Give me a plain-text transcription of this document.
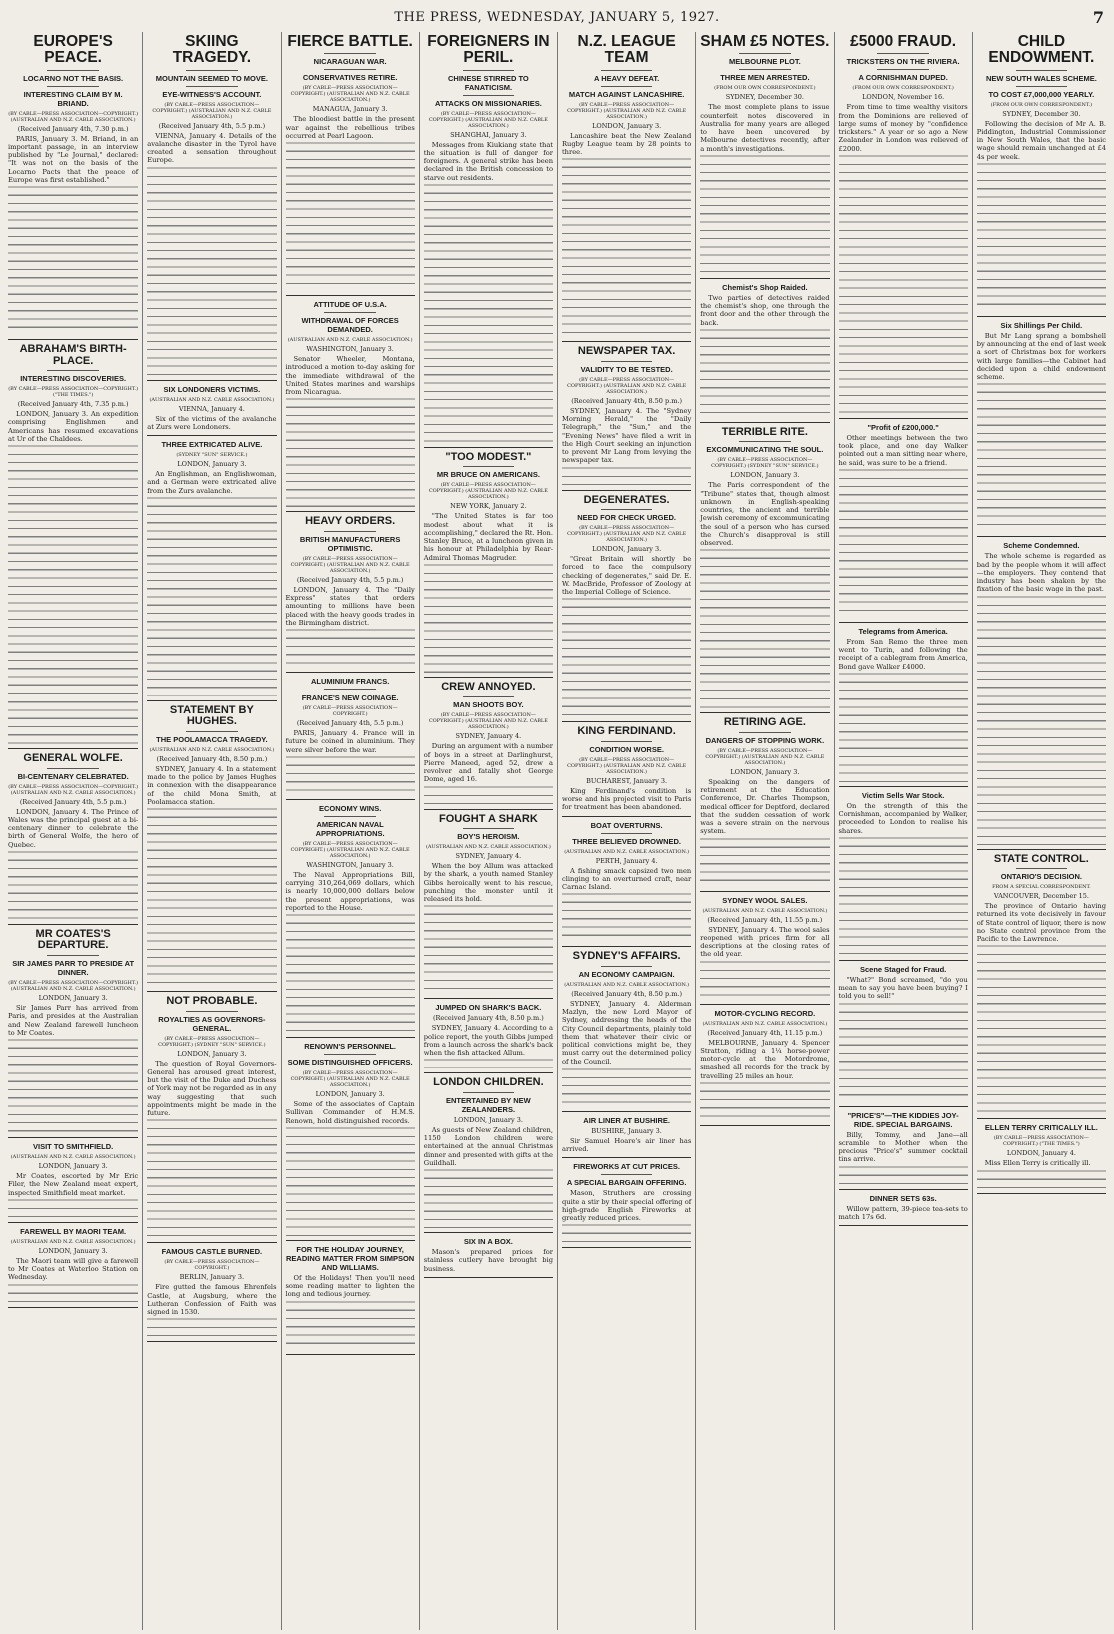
THE PRESS, WEDNESDAY, JANUARY 5, 1927.	7
EUROPE'S PEACE.
LOCARNO NOT THE BASIS.
INTERESTING CLAIM BY M. BRIAND.
(BY CABLE—PRESS ASSOCIATION—COPYRIGHT.) (AUSTRALIAN AND N.Z. CABLE ASSOCIATION.)
(Received January 4th, 7.30 p.m.)

PARIS, January 3. M. Briand, in an important passage, in an interview published by "Le Journal," declared: "It was not on the basis of the Locarno Pacts that the peace of Europe was first established."

ABRAHAM'S BIRTH-PLACE.
INTERESTING DISCOVERIES.
(BY CABLE—PRESS ASSOCIATION—COPYRIGHT.) ("THE TIMES.")
(Received January 4th, 7.35 p.m.)

LONDON, January 3. An expedition comprising Englishmen and Americans has resumed excavations at Ur of the Chaldees.

GENERAL WOLFE.
BI-CENTENARY CELEBRATED.
(BY CABLE—PRESS ASSOCIATION—COPYRIGHT.) (AUSTRALIAN AND N.Z. CABLE ASSOCIATION.)
(Received January 4th, 5.5 p.m.)

LONDON, January 4. The Prince of Wales was the principal guest at a bi-centenary dinner to celebrate the birth of General Wolfe, the hero of Quebec.

MR COATES'S DEPARTURE.
SIR JAMES PARR TO PRESIDE AT DINNER.
(BY CABLE—PRESS ASSOCIATION—COPYRIGHT.) (AUSTRALIAN AND N.Z. CABLE ASSOCIATION.)
LONDON, January 3.

Sir James Parr has arrived from Paris, and presides at the Australian and New Zealand farewell luncheon to Mr Coates.

VISIT TO SMITHFIELD.
(AUSTRALIAN AND N.Z. CABLE ASSOCIATION.)
LONDON, January 3.

Mr Coates, escorted by Mr Eric Filer, the New Zealand meat expert, inspected Smithfield meat market.

FAREWELL BY MAORI TEAM.
(AUSTRALIAN AND N.Z. CABLE ASSOCIATION.)
LONDON, January 3.

The Maori team will give a farewell to Mr Coates at Waterloo Station on Wednesday.

SKIING TRAGEDY.
MOUNTAIN SEEMED TO MOVE.
EYE-WITNESS'S ACCOUNT.
(BY CABLE—PRESS ASSOCIATION—COPYRIGHT.) (AUSTRALIAN AND N.Z. CABLE ASSOCIATION.)
(Received January 4th, 5.5 p.m.)

VIENNA, January 4. Details of the avalanche disaster in the Tyrol have created a sensation throughout Europe.

SIX LONDONERS VICTIMS.
(AUSTRALIAN AND N.Z. CABLE ASSOCIATION.)
VIENNA, January 4.

Six of the victims of the avalanche at Zurs were Londoners.

THREE EXTRICATED ALIVE.
(SYDNEY "SUN" SERVICE.)
LONDON, January 3.

An Englishman, an Englishwoman, and a German were extricated alive from the Zurs avalanche.

STATEMENT BY HUGHES.
THE POOLAMACCA TRAGEDY.
(AUSTRALIAN AND N.Z. CABLE ASSOCIATION.)
(Received January 4th, 8.50 p.m.)

SYDNEY, January 4. In a statement made to the police by James Hughes in connexion with the disappearance of the child Mona Smith, at Poolamacca station.

NOT PROBABLE.
ROYALTIES AS GOVERNORS-GENERAL.
(BY CABLE—PRESS ASSOCIATION—COPYRIGHT.) (SYDNEY "SUN" SERVICE.)
LONDON, January 3.

The question of Royal Governors-General has aroused great interest, but the visit of the Duke and Duchess of York may not be regarded as in any way suggesting that such appointments might be made in the future.

FAMOUS CASTLE BURNED.
(BY CABLE—PRESS ASSOCIATION—COPYRIGHT.)
BERLIN, January 3.

Fire gutted the famous Ehrenfels Castle, at Augsburg, where the Lutheran Confession of Faith was signed in 1530.

FIERCE BATTLE.
NICARAGUAN WAR.
CONSERVATIVES RETIRE.
(BY CABLE—PRESS ASSOCIATION—COPYRIGHT.) (AUSTRALIAN AND N.Z. CABLE ASSOCIATION.)
MANAGUA, January 3.

The bloodiest battle in the present war against the rebellious tribes occurred at Pearl Lagoon.

ATTITUDE OF U.S.A.
WITHDRAWAL OF FORCES DEMANDED.
(AUSTRALIAN AND N.Z. CABLE ASSOCIATION.)
WASHINGTON, January 3.

Senator Wheeler, Montana, introduced a motion to-day asking for the immediate withdrawal of the United States marines and warships from Nicaragua.

HEAVY ORDERS.
BRITISH MANUFACTURERS OPTIMISTIC.
(BY CABLE—PRESS ASSOCIATION—COPYRIGHT.) (AUSTRALIAN AND N.Z. CABLE ASSOCIATION.)
(Received January 4th, 5.5 p.m.)

LONDON, January 4. The "Daily Express" states that orders amounting to millions have been placed with the heavy goods trades in the Birmingham district.

ALUMINIUM FRANCS.
FRANCE'S NEW COINAGE.
(BY CABLE—PRESS ASSOCIATION—COPYRIGHT.)
(Received January 4th, 5.5 p.m.)

PARIS, January 4. France will in future be coined in aluminium. They were silver before the war.

ECONOMY WINS.
AMERICAN NAVAL APPROPRIATIONS.
(BY CABLE—PRESS ASSOCIATION—COPYRIGHT.) (AUSTRALIAN AND N.Z. CABLE ASSOCIATION.)
WASHINGTON, January 3.

The Naval Appropriations Bill, carrying 310,264,069 dollars, which is nearly 10,000,000 dollars below the present appropriations, was reported to the House.

RENOWN'S PERSONNEL.
SOME DISTINGUISHED OFFICERS.
(BY CABLE—PRESS ASSOCIATION—COPYRIGHT.) (AUSTRALIAN AND N.Z. CABLE ASSOCIATION.)
LONDON, January 3.

Some of the associates of Captain Sullivan Commander of H.M.S. Renown, hold distinguished records.

FOR THE HOLIDAY JOURNEY, READING MATTER FROM SIMPSON AND WILLIAMS.

Of the Holidays! Then you'll need some reading matter to lighten the long and tedious journey.

FOREIGNERS IN PERIL.
CHINESE STIRRED TO FANATICISM.
ATTACKS ON MISSIONARIES.
(BY CABLE—PRESS ASSOCIATION—COPYRIGHT.) (AUSTRALIAN AND N.Z. CABLE ASSOCIATION.)
SHANGHAI, January 3.

Messages from Kiukiang state that the situation is full of danger for foreigners. A general strike has been declared in the British concession to starve out residents.

"TOO MODEST."
MR BRUCE ON AMERICANS.
(BY CABLE—PRESS ASSOCIATION—COPYRIGHT.) (AUSTRALIAN AND N.Z. CABLE ASSOCIATION.)
NEW YORK, January 2.

"The United States is far too modest about what it is accomplishing," declared the Rt. Hon. Stanley Bruce, at a luncheon given in his honour at Philadelphia by Rear-Admiral Thomas Magruder.

CREW ANNOYED.
MAN SHOOTS BOY.
(BY CABLE—PRESS ASSOCIATION—COPYRIGHT.) (AUSTRALIAN AND N.Z. CABLE ASSOCIATION.)
SYDNEY, January 4.

During an argument with a number of boys in a street at Darlinghurst, Pierre Maneed, aged 52, drew a revolver and fatally shot George Dome, aged 16.

FOUGHT A SHARK
BOY'S HEROISM.
(AUSTRALIAN AND N.Z. CABLE ASSOCIATION.)
SYDNEY, January 4.

When the boy Allum was attacked by the shark, a youth named Stanley Gibbs heroically went to his rescue, punching the monster until it released its hold.

JUMPED ON SHARK'S BACK.
(Received January 4th, 8.50 p.m.)

SYDNEY, January 4. According to a police report, the youth Gibbs jumped from a launch across the shark's back when the fish attacked Allum.

LONDON CHILDREN.
ENTERTAINED BY NEW ZEALANDERS.
LONDON, January 3.

As guests of New Zealand children, 1150 London children were entertained at the annual Christmas dinner and presented with gifts at the Guildhall.

SIX IN A BOX.

Mason's prepared prices for stainless cutlery have brought big business.

N.Z. LEAGUE TEAM
A HEAVY DEFEAT.
MATCH AGAINST LANCASHIRE.
(BY CABLE—PRESS ASSOCIATION—COPYRIGHT.) (AUSTRALIAN AND N.Z. CABLE ASSOCIATION.)
LONDON, January 3.

Lancashire beat the New Zealand Rugby League team by 28 points to three.

NEWSPAPER TAX.
VALIDITY TO BE TESTED.
(BY CABLE—PRESS ASSOCIATION—COPYRIGHT.) (AUSTRALIAN AND N.Z. CABLE ASSOCIATION.)
(Received January 4th, 8.50 p.m.)

SYDNEY, January 4. The "Sydney Morning Herald," the "Daily Telegraph," the "Sun," and the "Evening News" have filed a writ in the High Court seeking an injunction to prevent Mr Lang from levying the newspaper tax.

DEGENERATES.
NEED FOR CHECK URGED.
(BY CABLE—PRESS ASSOCIATION—COPYRIGHT.) (AUSTRALIAN AND N.Z. CABLE ASSOCIATION.)
LONDON, January 3.

"Great Britain will shortly be forced to face the compulsory checking of degenerates," said Dr. E. W. MacBride, Professor of Zoology at the Imperial College of Science.

KING FERDINAND.
CONDITION WORSE.
(BY CABLE—PRESS ASSOCIATION—COPYRIGHT.) (AUSTRALIAN AND N.Z. CABLE ASSOCIATION.)
BUCHAREST, January 3.

King Ferdinand's condition is worse and his projected visit to Paris for treatment has been abandoned.

BOAT OVERTURNS.
THREE BELIEVED DROWNED.
(AUSTRALIAN AND N.Z. CABLE ASSOCIATION.)
PERTH, January 4.

A fishing smack capsized two men clinging to an overturned craft, near Carnac Island.

SYDNEY'S AFFAIRS.
AN ECONOMY CAMPAIGN.
(AUSTRALIAN AND N.Z. CABLE ASSOCIATION.)
(Received January 4th, 8.50 p.m.)

SYDNEY, January 4. Alderman Mazlyn, the new Lord Mayor of Sydney, addressing the heads of the City Council departments, plainly told them that whatever their civic or political convictions might be, they must carry out the determined policy of the Council.

AIR LINER AT BUSHIRE.
BUSHIRE, January 3.

Sir Samuel Hoare's air liner has arrived.

FIREWORKS AT CUT PRICES.
A SPECIAL BARGAIN OFFERING.

Mason, Struthers are crossing quite a stir by their special offering of high-grade English Fireworks at greatly reduced prices.

SHAM £5 NOTES.
MELBOURNE PLOT.
THREE MEN ARRESTED.
(FROM OUR OWN CORRESPONDENT.)
SYDNEY, December 30.

The most complete plans to issue counterfeit notes discovered in Australia for many years are alleged to have been uncovered by Melbourne detectives recently, after a month's investigations.

Chemist's Shop Raided.

Two parties of detectives raided the chemist's shop, one through the front door and the other through the back.

TERRIBLE RITE.
EXCOMMUNICATING THE SOUL.
(BY CABLE—PRESS ASSOCIATION—COPYRIGHT.) (SYDNEY "SUN" SERVICE.)
LONDON, January 3.

The Paris correspondent of the "Tribune" states that, though almost unknown in English-speaking countries, the ancient and terrible Jewish ceremony of excommunicating the soul of a person who has cursed the Church's disapproval is still observed.

RETIRING AGE.
DANGERS OF STOPPING WORK.
(BY CABLE—PRESS ASSOCIATION—COPYRIGHT.) (AUSTRALIAN AND N.Z. CABLE ASSOCIATION.)
LONDON, January 3.

Speaking on the dangers of retirement at the Education Conference, Dr. Charles Thompson, medical officer for Deptford, declared that the sudden cessation of work was a severe strain on the nervous system.

SYDNEY WOOL SALES.
(AUSTRALIAN AND N.Z. CABLE ASSOCIATION.)
(Received January 4th, 11.55 p.m.)

SYDNEY, January 4. The wool sales reopened with prices firm for all descriptions at the closing rates of the old year.

MOTOR-CYCLING RECORD.
(AUSTRALIAN AND N.Z. CABLE ASSOCIATION.)
(Received January 4th, 11.15 p.m.)

MELBOURNE, January 4. Spencer Stratton, riding a 1¼ horse-power motor-cycle at the Motordrome, smashed all records for the track by travelling 25 miles an hour.

£5000 FRAUD.
TRICKSTERS ON THE RIVIERA.
A CORNISHMAN DUPED.
(FROM OUR OWN CORRESPONDENT.)
LONDON, November 16.

From time to time wealthy visitors from the Dominions are relieved of large sums of money by "confidence tricksters." A year or so ago a New Zealander in London was relieved of £2000.

"Profit of £200,000."

Other meetings between the two took place, and one day Walker pointed out a man sitting near where, he said, was sure to be a friend.

Telegrams from America.

From San Remo the three men went to Turin, and following the receipt of a cablegram from America, Bond gave Walker £4000.

Victim Sells War Stock.

On the strength of this the Cornishman, accompanied by Walker, proceeded to London to realise his shares.

Scene Staged for Fraud.

"What?" Bond screamed, "do you mean to say you have been buying? I told you to sell!"

"PRICE'S"—THE KIDDIES JOY-RIDE. SPECIAL BARGAINS.

Billy, Tommy, and Jane—all scramble to Mother when the precious "Price's" summer cocktail tins arrive.

DINNER SETS 63s.

Willow pattern, 39-piece tea-sets to match 17s 6d.

CHILD ENDOWMENT.
NEW SOUTH WALES SCHEME.
TO COST £7,000,000 YEARLY.
(FROM OUR OWN CORRESPONDENT.)
SYDNEY, December 30.

Following the decision of Mr A. B. Piddington, Industrial Commissioner in New South Wales, that the basic wage should remain unchanged at £4 4s per week.

Six Shillings Per Child.

But Mr Lang sprang a bombshell by announcing at the end of last week a sort of Christmas box for workers with large families—the Cabinet had decided upon a child endowment scheme.

Scheme Condemned.

The whole scheme is regarded as bad by the people whom it will affect—the employers. They contend that industry has been shaken by the fixation of the basic wage in the past.

STATE CONTROL.
ONTARIO'S DECISION.
FROM A SPECIAL CORRESPONDENT.
VANCOUVER, December 15.

The province of Ontario having returned its vote decisively in favour of State control of liquor, there is now no State control province from the Pacific to the Lawrence.

ELLEN TERRY CRITICALLY ILL.
(BY CABLE—PRESS ASSOCIATION—COPYRIGHT.) ("THE TIMES.")
LONDON, January 4.

Miss Ellen Terry is critically ill.
